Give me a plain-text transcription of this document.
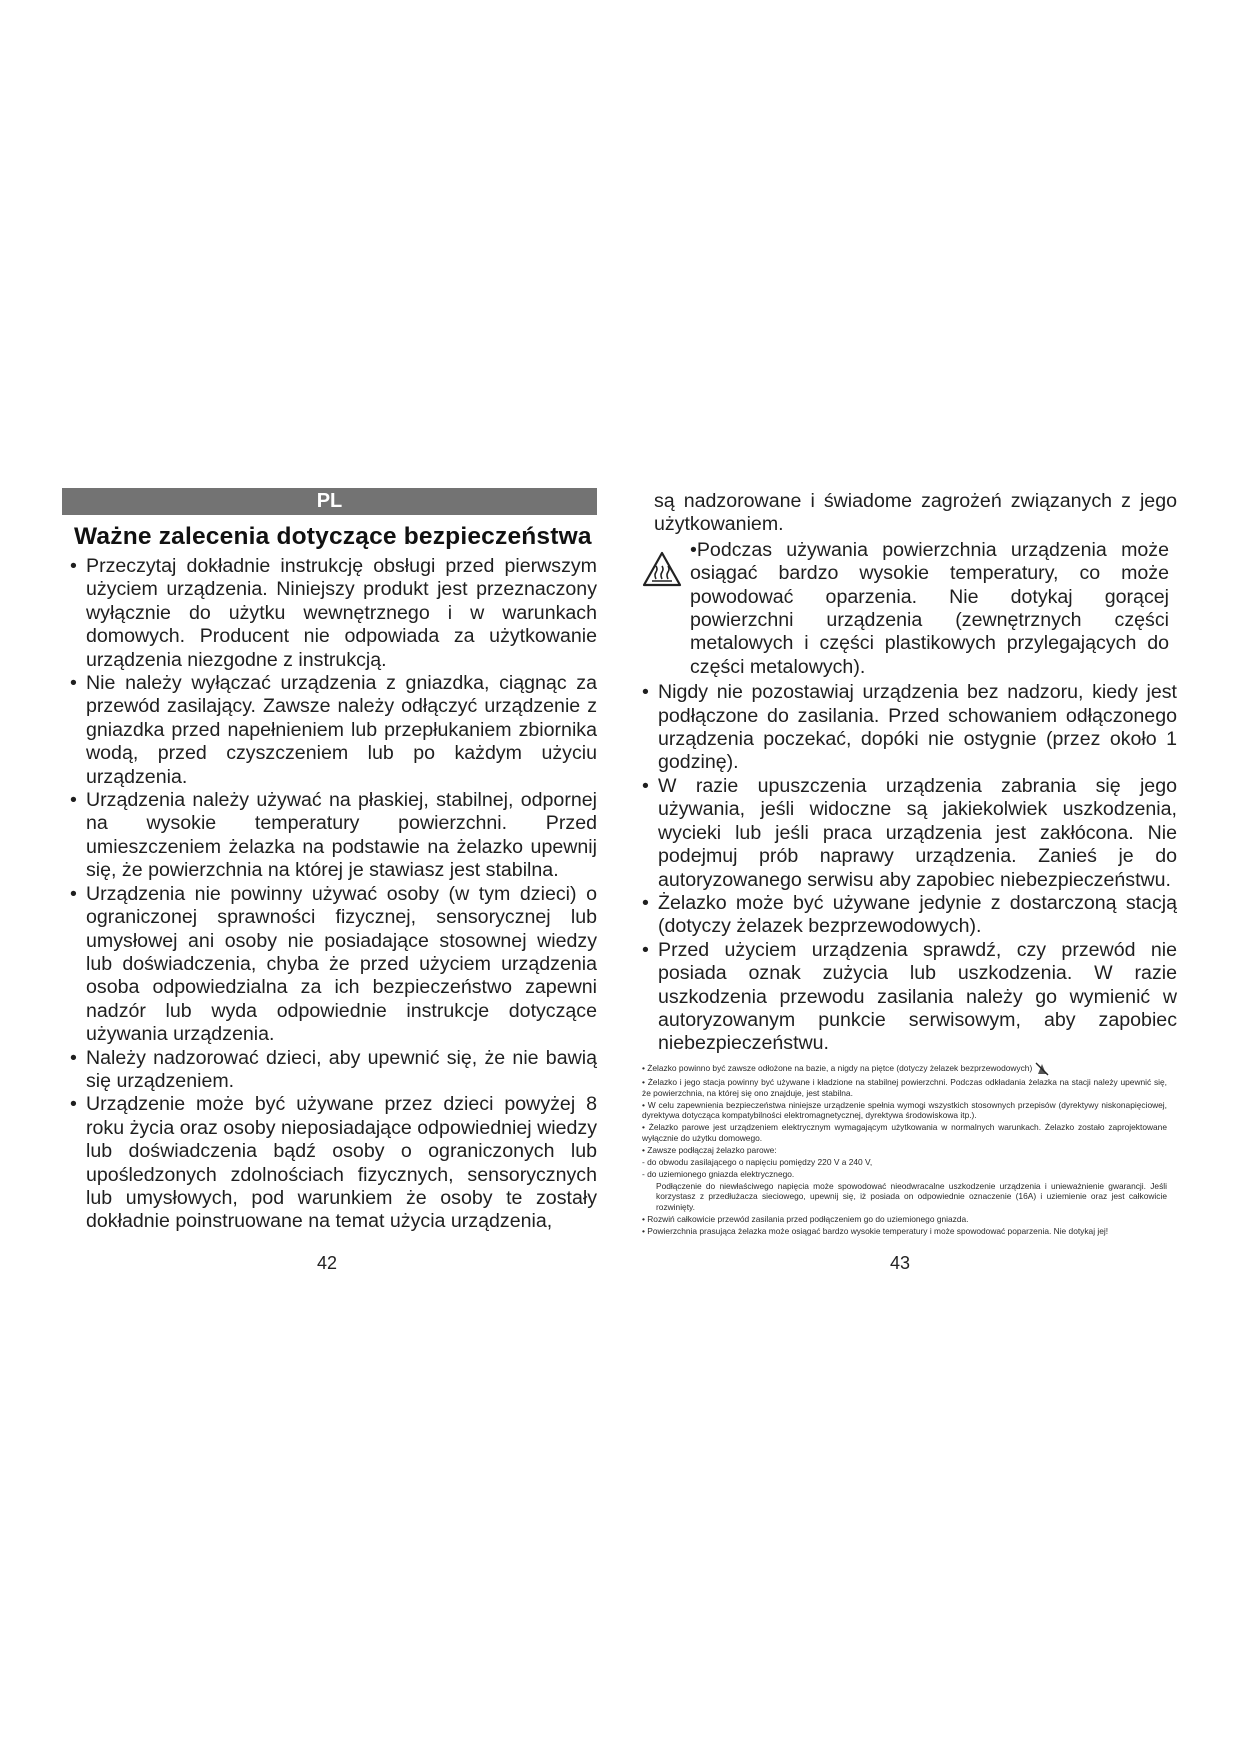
PL
Ważne zalecenia dotyczące bezpieczeństwa
• Przeczytaj dokładnie instrukcję obsługi przed pierwszym użyciem urządzenia. Niniejszy produkt jest przeznaczony wyłącznie do użytku wewnętrznego i w warunkach domowych. Producent nie odpowiada za użytkowanie urządzenia niezgodne z instrukcją.
• Nie należy wyłączać urządzenia z gniazdka, ciągnąc za przewód zasilający. Zawsze należy odłączyć urządzenie z gniazdka przed napełnieniem lub przepłukaniem zbiornika wodą, przed czyszczeniem lub po każdym użyciu urządzenia.
• Urządzenia należy używać na płaskiej, stabilnej, odpornej na wysokie temperatury powierzchni. Przed umieszczeniem żelazka na podstawie na żelazko upewnij się, że powierzchnia na której je stawiasz jest stabilna.
• Urządzenia nie powinny używać osoby (w tym dzieci) o ograniczonej sprawności fizycznej, sensorycznej lub umysłowej ani osoby nie posiadające stosownej wiedzy lub doświadczenia, chyba że przed użyciem urządzenia osoba odpowiedzialna za ich bezpieczeństwo zapewni nadzór lub wyda odpowiednie instrukcje dotyczące używania urządzenia.
• Należy nadzorować dzieci, aby upewnić się, że nie bawią się urządzeniem.
• Urządzenie może być używane przez dzieci powyżej 8 roku życia oraz osoby nieposiadające odpowiedniej wiedzy lub doświadczenia bądź osoby o ograniczonych lub upośledzonych zdolnościach fizycznych, sensorycznych lub umysłowych, pod warunkiem że osoby te zostały dokładnie poinstruowane na temat użycia urządzenia,
42
są nadzorowane i świadome zagrożeń związanych z jego użytkowaniem.
•Podczas używania powierzchnia urządzenia może osiągać bardzo wysokie temperatury, co może powodować oparzenia. Nie dotykaj gorącej powierzchni urządzenia (zewnętrznych części metalowych i części plastikowych przylegających do części metalowych).
• Nigdy nie pozostawiaj urządzenia bez nadzoru, kiedy jest podłączone do zasilania. Przed schowaniem odłączonego urządzenia poczekać, dopóki nie ostygnie (przez około 1 godzinę).
• W razie upuszczenia urządzenia zabrania się jego używania, jeśli widoczne są jakiekolwiek uszkodzenia, wycieki lub jeśli praca urządzenia jest zakłócona. Nie podejmuj prób naprawy urządzenia. Zanieś je do autoryzowanego serwisu aby zapobiec niebezpieczeństwu.
• Żelazko może być używane jedynie z dostarczoną stacją (dotyczy żelazek bezprzewodowych).
• Przed użyciem urządzenia sprawdź, czy przewód nie posiada oznak zużycia lub uszkodzenia. W razie uszkodzenia przewodu zasilania należy go wymienić w autoryzowanym punkcie serwisowym, aby zapobiec niebezpieczeństwu.
• Żelazko powinno być zawsze odłożone na bazie, a nigdy na piętce (dotyczy żelazek bezprzewodowych)
• Żelazko i jego stacja powinny być używane i kładzione na stabilnej powierzchni. Podczas odkładania żelazka na stacji należy upewnić się, że powierzchnia, na której się ono znajduje, jest stabilna.
• W celu zapewnienia bezpieczeństwa niniejsze urządzenie spełnia wymogi wszystkich stosownych przepisów (dyrektywy niskonapięciowej, dyrektywa dotycząca kompatybilności elektromagnetycznej, dyrektywa środowiskowa itp.).
• Żelazko parowe jest urządzeniem elektrycznym wymagającym użytkowania w normalnych warunkach. Żelazko zostało zaprojektowane wyłącznie do użytku domowego.
• Zawsze podłączaj żelazko parowe:
- do obwodu zasilającego o napięciu pomiędzy 220 V a 240 V,
- do uziemionego gniazda elektrycznego.
Podłączenie do niewłaściwego napięcia może spowodować nieodwracalne uszkodzenie urządzenia i unieważnienie gwarancji. Jeśli korzystasz z przedłużacza sieciowego, upewnij się, iż posiada on odpowiednie oznaczenie (16A) i uziemienie oraz jest całkowicie rozwinięty.
• Rozwiń całkowicie przewód zasilania przed podłączeniem go do uziemionego gniazda.
• Powierzchnia prasująca żelazka może osiągać bardzo wysokie temperatury i może spowodować poparzenia. Nie dotykaj jej!
43
